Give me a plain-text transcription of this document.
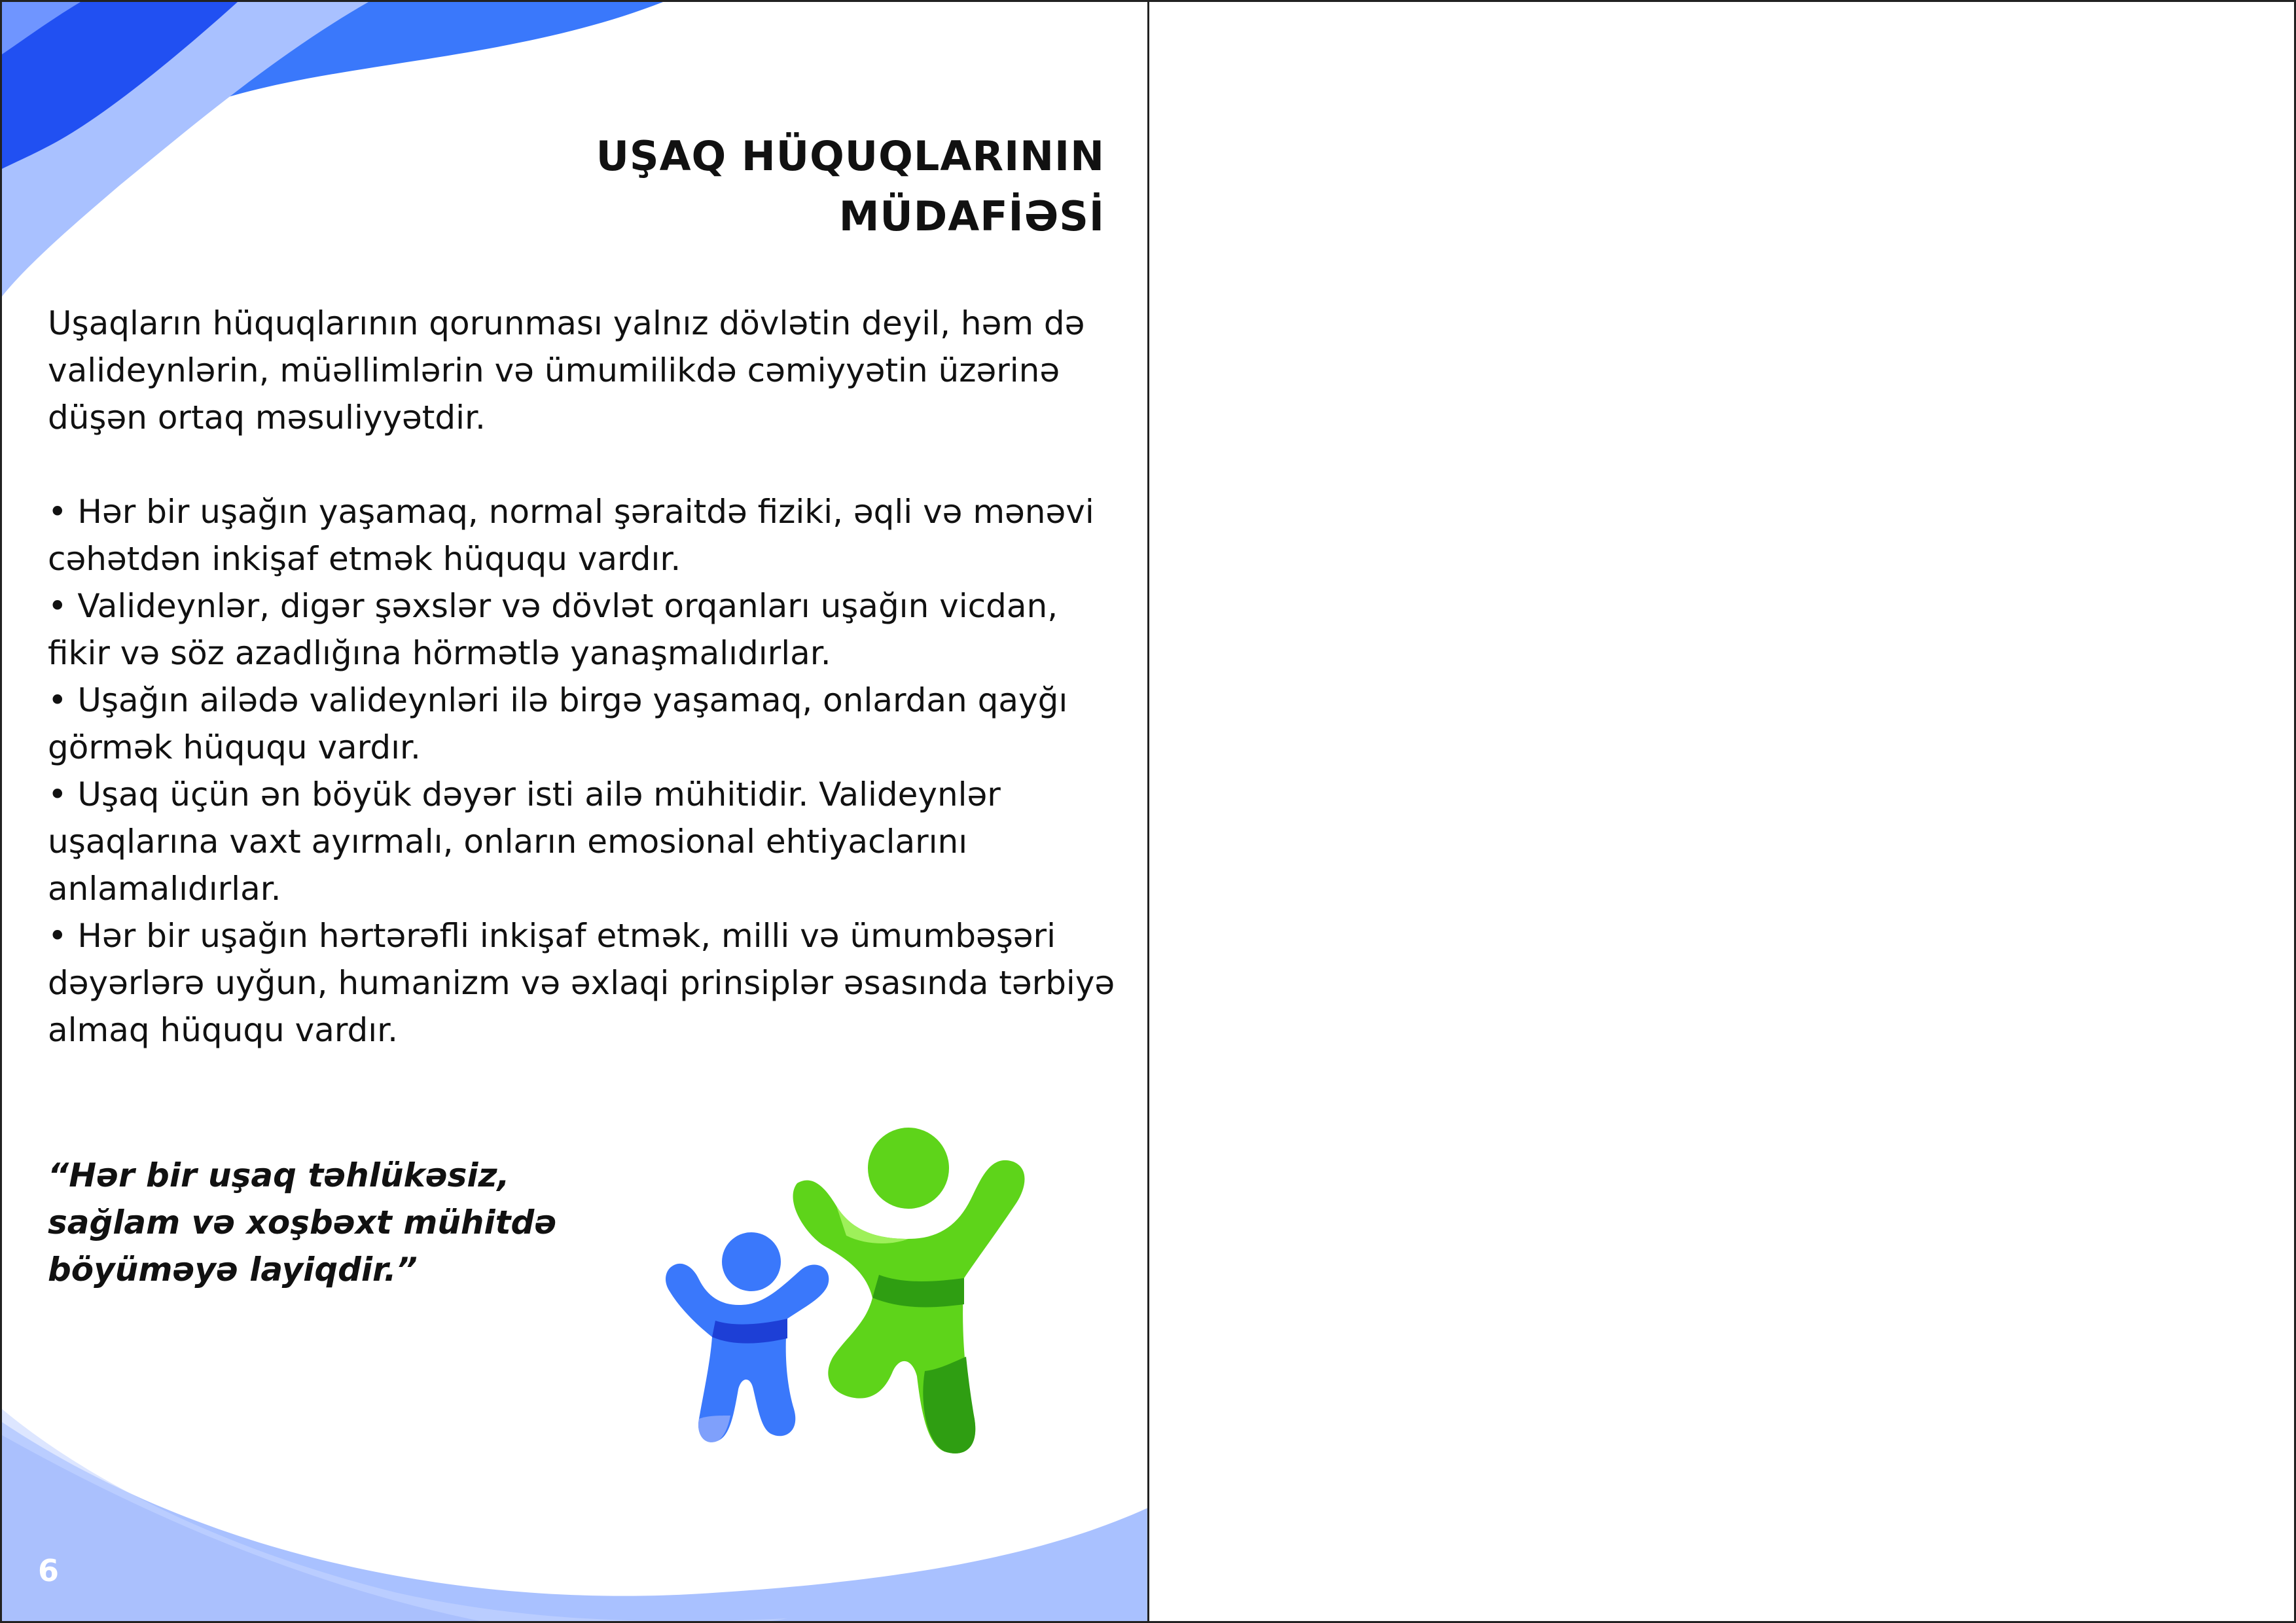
UŞAQ HÜQUQLARININ
MÜDAFİƏSİ

Uşaqların hüquqlarının qorunması yalnız dövlətin deyil, həm də valideynlərin, müəllimlərin və ümumilikdə cəmiyyətin üzərinə düşən ortaq məsuliyyətdir.

• Hər bir uşağın yaşamaq, normal şəraitdə fiziki, əqli və mənəvi cəhətdən inkişaf etmək hüququ vardır.

• Valideynlər, digər şəxslər və dövlət orqanları uşağın vicdan, fikir və söz azadlığına hörmətlə yanaşmalıdırlar.

• Uşağın ailədə valideynləri ilə birgə yaşamaq, onlardan qayğı görmək hüququ vardır.

• Uşaq üçün ən böyük dəyər isti ailə mühitidir. Valideynlər uşaqlarına vaxt ayırmalı, onların emosional ehtiyaclarını anlamalıdırlar.

• Hər bir uşağın hərtərəfli inkişaf etmək, milli və ümumbəşəri dəyərlərə uyğun, humanizm və əxlaqi prinsiplər əsasında tərbiyə almaq hüququ vardır.

“Hər bir uşaq təhlükəsiz,
sağlam və xoşbəxt mühitdə
böyüməyə layiqdir.”

6
